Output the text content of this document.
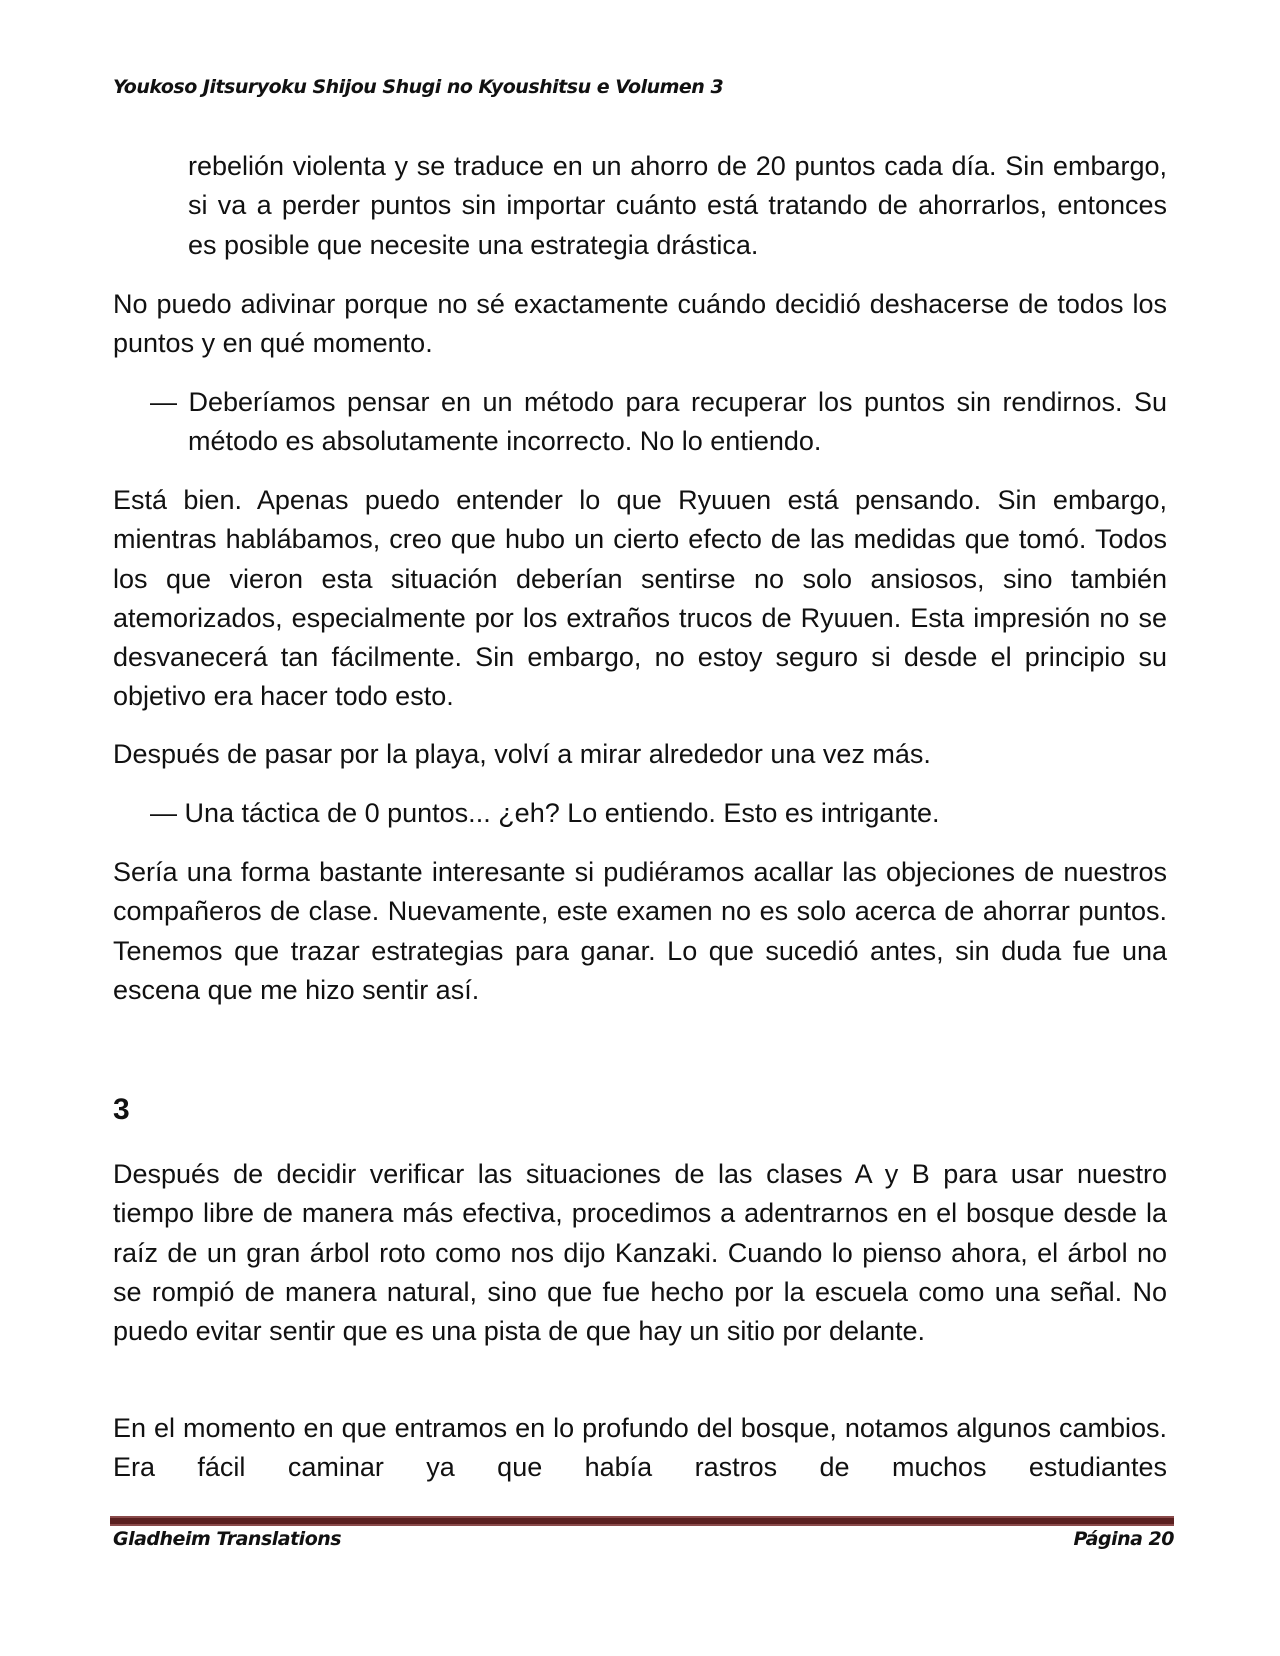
Youkoso Jitsuryoku Shijou Shugi no Kyoushitsu e Volumen 3

rebelión violenta y se traduce en un ahorro de 20 puntos cada día. Sin embargo, si va a perder puntos sin importar cuánto está tratando de ahorrarlos, entonces es posible que necesite una estrategia drástica.

No puedo adivinar porque no sé exactamente cuándo decidió deshacerse de todos los puntos y en qué momento.

— Deberíamos pensar en un método para recuperar los puntos sin rendirnos. Su método es absolutamente incorrecto. No lo entiendo.

Está bien. Apenas puedo entender lo que Ryuuen está pensando. Sin embargo, mientras hablábamos, creo que hubo un cierto efecto de las medidas que tomó. Todos los que vieron esta situación deberían sentirse no solo ansiosos, sino también atemorizados, especialmente por los extraños trucos de Ryuuen. Esta impresión no se desvanecerá tan fácilmente. Sin embargo, no estoy seguro si desde el principio su objetivo era hacer todo esto.

Después de pasar por la playa, volví a mirar alrededor una vez más.

— Una táctica de 0 puntos... ¿eh? Lo entiendo. Esto es intrigante.

Sería una forma bastante interesante si pudiéramos acallar las objeciones de nuestros compañeros de clase. Nuevamente, este examen no es solo acerca de ahorrar puntos. Tenemos que trazar estrategias para ganar. Lo que sucedió antes, sin duda fue una escena que me hizo sentir así.

3

Después de decidir verificar las situaciones de las clases A y B para usar nuestro tiempo libre de manera más efectiva, procedimos a adentrarnos en el bosque desde la raíz de un gran árbol roto como nos dijo Kanzaki. Cuando lo pienso ahora, el árbol no se rompió de manera natural, sino que fue hecho por la escuela como una señal. No puedo evitar sentir que es una pista de que hay un sitio por delante.

En el momento en que entramos en lo profundo del bosque, notamos algunos cambios. Era fácil caminar ya que había rastros de muchos estudiantes

Gladheim Translations	Página 20
